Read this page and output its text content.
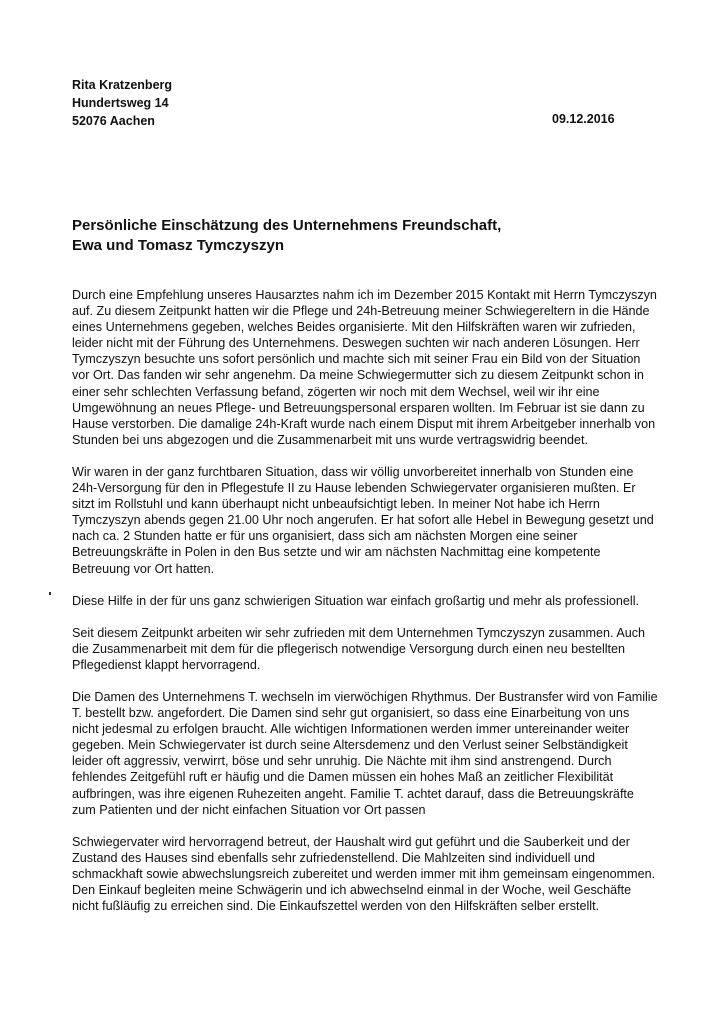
Rita Kratzenberg
Hundertsweg 14
52076 Aachen	09.12.2016
Persönliche Einschätzung des Unternehmens Freundschaft,
Ewa und Tomasz Tymczyszyn

Durch eine Empfehlung unseres Hausarztes nahm ich im Dezember 2015 Kontakt mit Herrn Tymczyszyn auf. Zu diesem Zeitpunkt hatten wir die Pflege und 24h-Betreuung meiner Schwiegereltern in die Hände eines Unternehmens gegeben, welches Beides organisierte. Mit den Hilfskräften waren wir zufrieden, leider nicht mit der Führung des Unternehmens. Deswegen suchten wir nach anderen Lösungen. Herr Tymczyszyn besuchte uns sofort persönlich und machte sich mit seiner Frau ein Bild von der Situation vor Ort. Das fanden wir sehr angenehm. Da meine Schwiegermutter sich zu diesem Zeitpunkt schon in einer sehr schlechten Verfassung befand, zögerten wir noch mit dem Wechsel, weil wir ihr eine Umgewöhnung an neues Pflege- und Betreuungspersonal ersparen wollten. Im Februar ist sie dann zu Hause verstorben. Die damalige 24h-Kraft wurde nach einem Disput mit ihrem Arbeitgeber innerhalb von Stunden bei uns abgezogen und die Zusammenarbeit mit uns wurde vertragswidrig beendet.

Wir waren in der ganz furchtbaren Situation, dass wir völlig unvorbereitet innerhalb von Stunden eine 24h-Versorgung für den in Pflegestufe II zu Hause lebenden Schwiegervater organisieren mußten. Er sitzt im Rollstuhl und kann überhaupt nicht unbeaufsichtigt leben. In meiner Not habe ich Herrn Tymczyszyn abends gegen 21.00 Uhr noch angerufen. Er hat sofort alle Hebel in Bewegung gesetzt und nach ca. 2 Stunden hatte er für uns organisiert, dass sich am nächsten Morgen eine seiner Betreuungskräfte in Polen in den Bus setzte und wir am nächsten Nachmittag eine kompetente Betreuung vor Ort hatten.

Diese Hilfe in der für uns ganz schwierigen Situation war einfach großartig und mehr als professionell.

Seit diesem Zeitpunkt arbeiten wir sehr zufrieden mit dem Unternehmen Tymczyszyn zusammen. Auch die Zusammenarbeit mit dem für die pflegerisch notwendige Versorgung durch einen neu bestellten Pflegedienst klappt hervorragend.

Die Damen des Unternehmens T. wechseln im vierwöchigen Rhythmus. Der Bustransfer wird von Familie T. bestellt bzw. angefordert. Die Damen sind sehr gut organisiert, so dass eine Einarbeitung von uns nicht jedesmal zu erfolgen braucht. Alle wichtigen Informationen werden immer untereinander weiter gegeben. Mein Schwiegervater ist durch seine Altersdemenz und den Verlust seiner Selbständigkeit leider oft aggressiv, verwirrt, böse und sehr unruhig. Die Nächte mit ihm sind anstrengend. Durch fehlendes Zeitgefühl ruft er häufig und die Damen müssen ein hohes Maß an zeitlicher Flexibilität aufbringen, was ihre eigenen Ruhezeiten angeht. Familie T. achtet darauf, dass die Betreuungskräfte zum Patienten und der nicht einfachen Situation vor Ort passen

Schwiegervater wird hervorragend betreut, der Haushalt wird gut geführt und die Sauberkeit und der Zustand des Hauses sind ebenfalls sehr zufriedenstellend. Die Mahlzeiten sind individuell und schmackhaft sowie abwechslungsreich zubereitet und werden immer mit ihm gemeinsam eingenommen. Den Einkauf begleiten meine Schwägerin und ich abwechselnd einmal in der Woche, weil Geschäfte nicht fußläufig zu erreichen sind. Die Einkaufszettel werden von den Hilfskräften selber erstellt.
